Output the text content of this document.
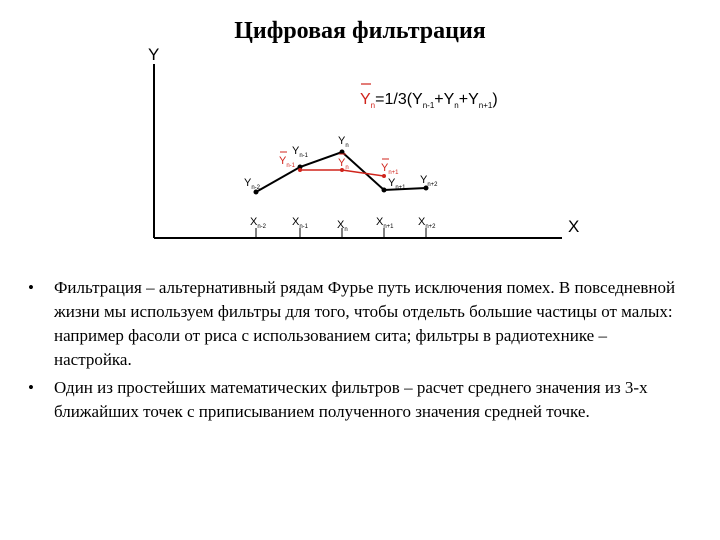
Цифровая фильтрация
Y
X
$Y_n=1/3(Y_{n-1}+Y_n+Y_{n+1})$
$X_{n-2}$ $X_{n-1}$	$X_n$
$X_{n+1}$ $X_{n+2}$
$Y_{n-2}$
$Y_{n-1}$
$Y_n$
$Y_{n+1}$
$Y_{n+2}$
$Y_{n-1}$	$Y_n$	$Y_{n+1}$
•	Фильтрация – альтернативный рядам Фурье путь исключения помех. В повседневной жизни мы используем фильтры для того, чтобы отдельть большие частицы от малых: например фасоли от риса с использованием сита; фильтры в радиотехнике – настройка.
•	Один из простейших математических фильтров – расчет среднего значения из 3-х ближайших точек с приписыванием полученного значения средней точке.
